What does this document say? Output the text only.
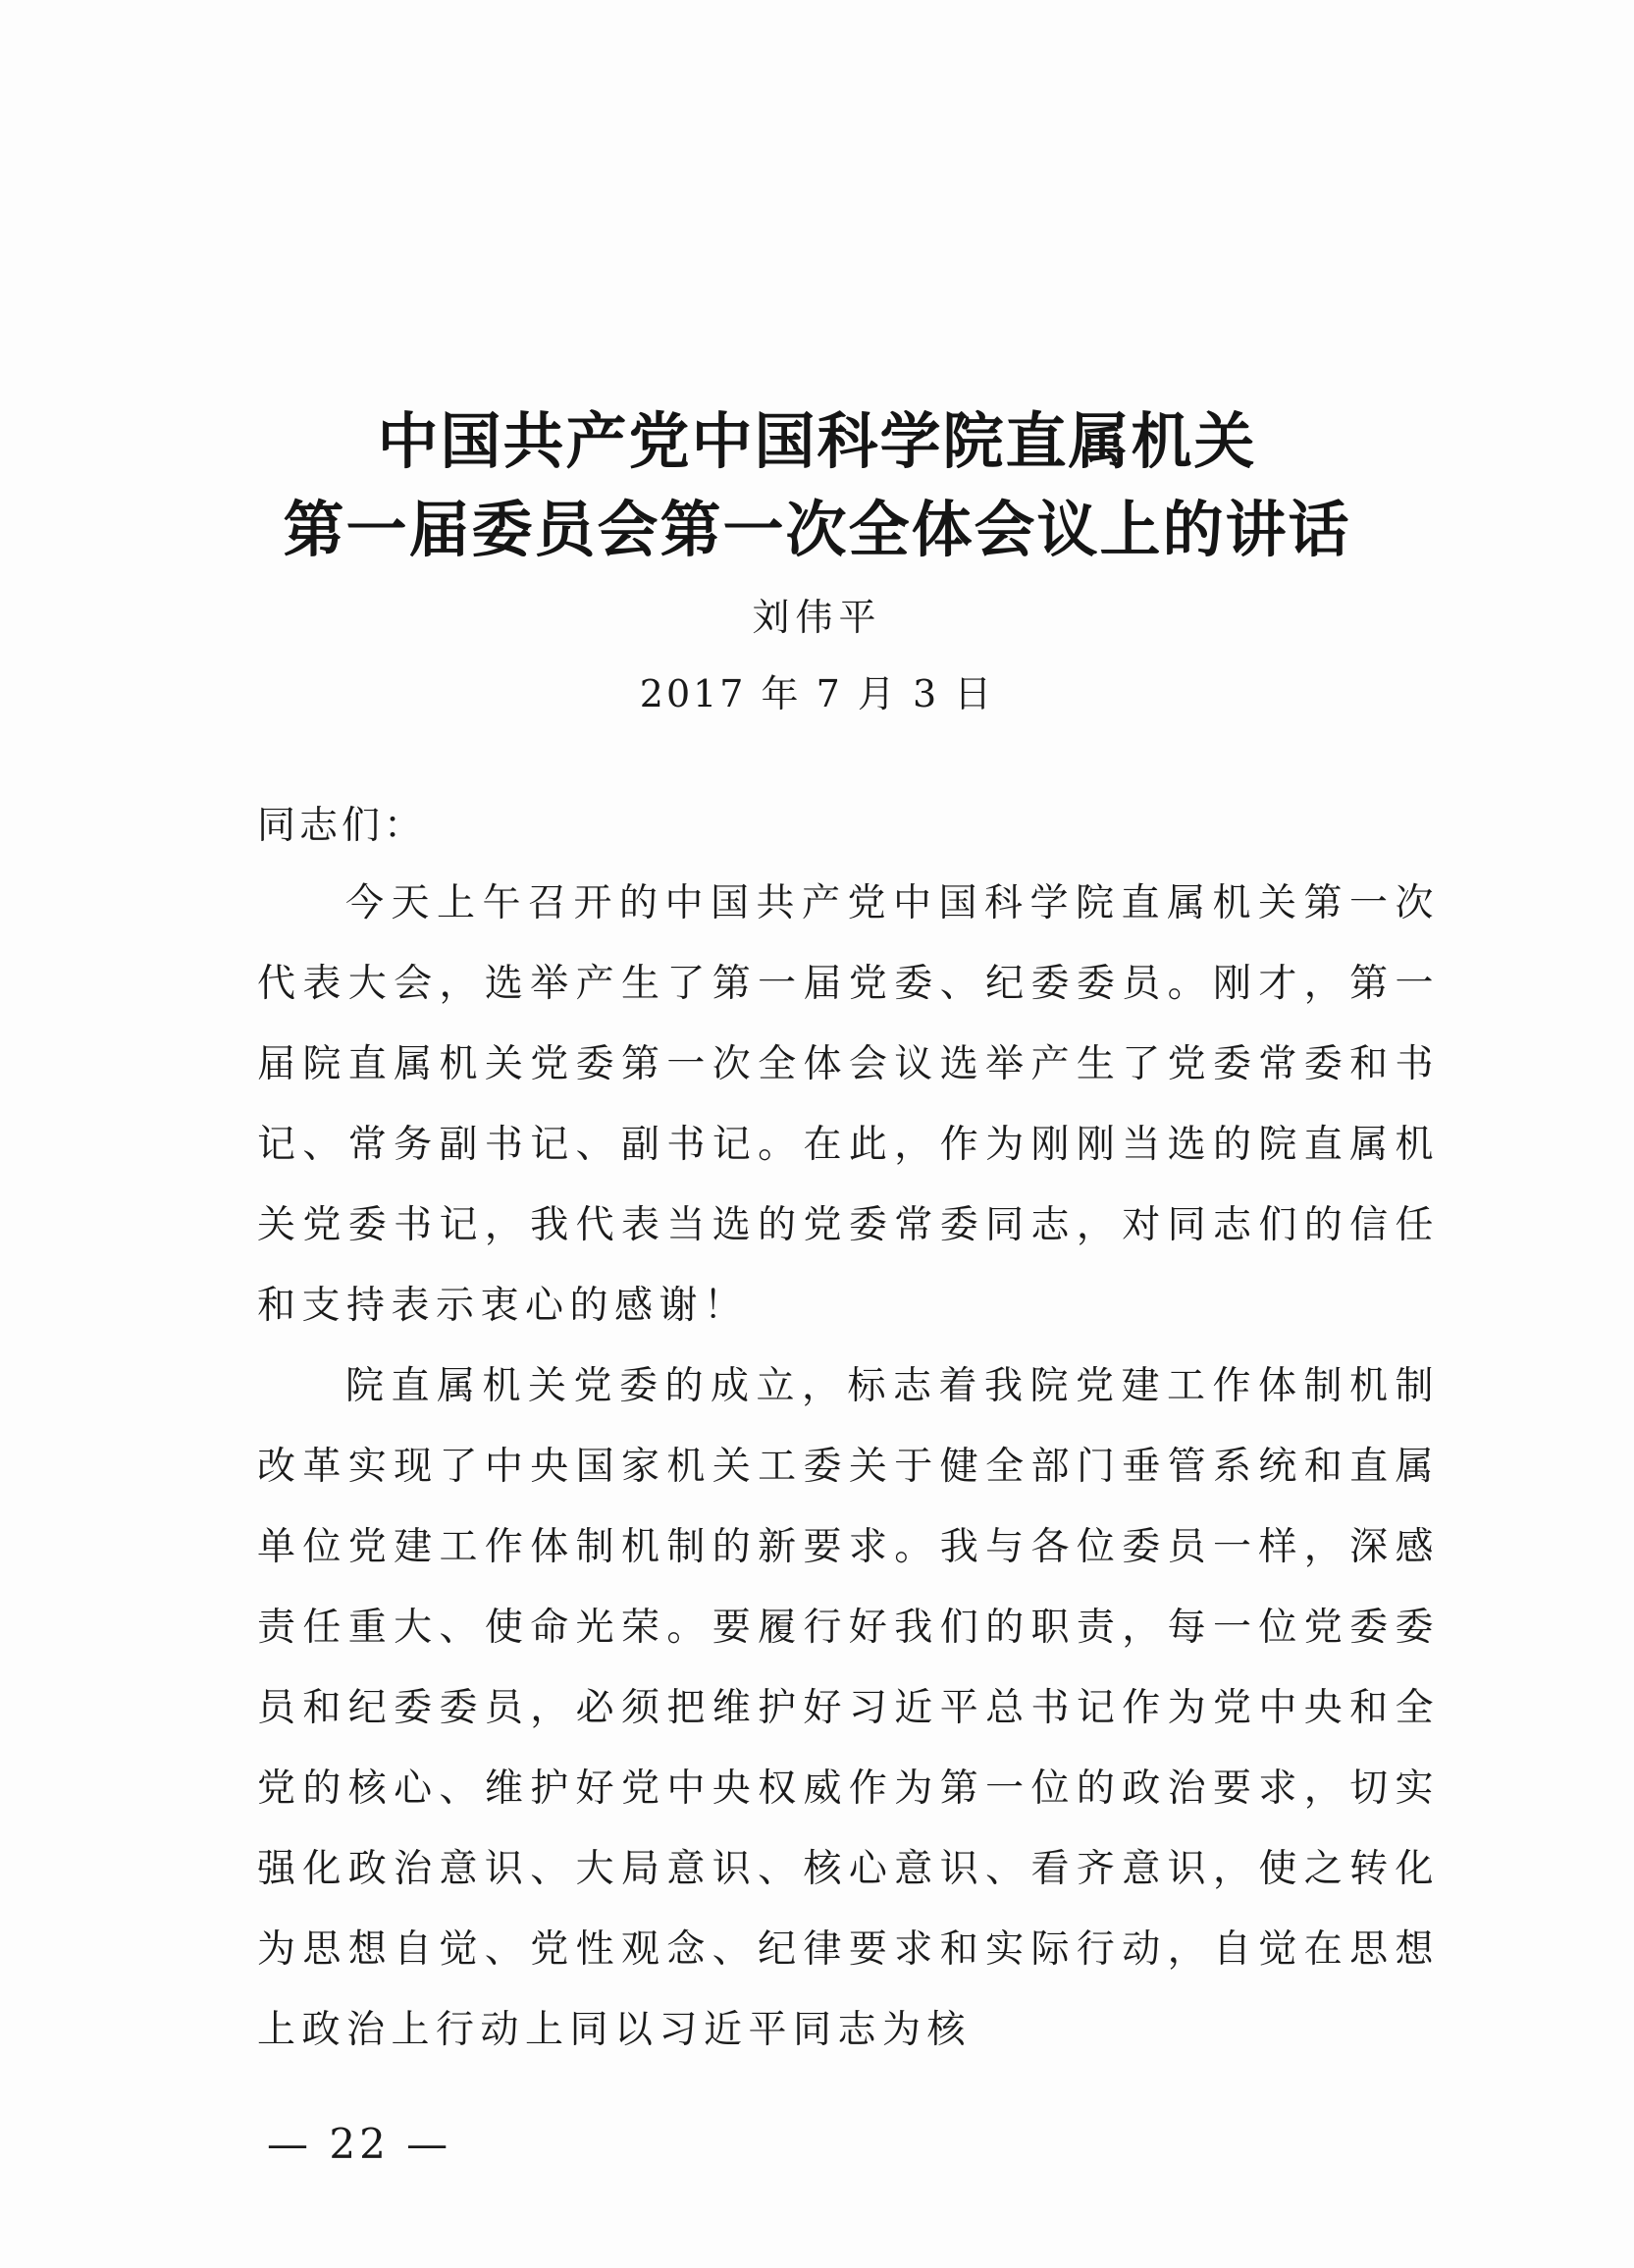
中国共产党中国科学院直属机关
第一届委员会第一次全体会议上的讲话
刘伟平
2017 年 7 月 3 日
同志们：

今天上午召开的中国共产党中国科学院直属机关第一次代表大会，选举产生了第一届党委、纪委委员。刚才，第一届院直属机关党委第一次全体会议选举产生了党委常委和书记、常务副书记、副书记。在此，作为刚刚当选的院直属机关党委书记，我代表当选的党委常委同志，对同志们的信任和支持表示衷心的感谢！

院直属机关党委的成立，标志着我院党建工作体制机制改革实现了中央国家机关工委关于健全部门垂管系统和直属单位党建工作体制机制的新要求。我与各位委员一样，深感责任重大、使命光荣。要履行好我们的职责，每一位党委委员和纪委委员，必须把维护好习近平总书记作为党中央和全党的核心、维护好党中央权威作为第一位的政治要求，切实强化政治意识、大局意识、核心意识、看齐意识，使之转化为思想自觉、党性观念、纪律要求和实际行动，自觉在思想上政治上行动上同以习近平同志为核

— 22 —
